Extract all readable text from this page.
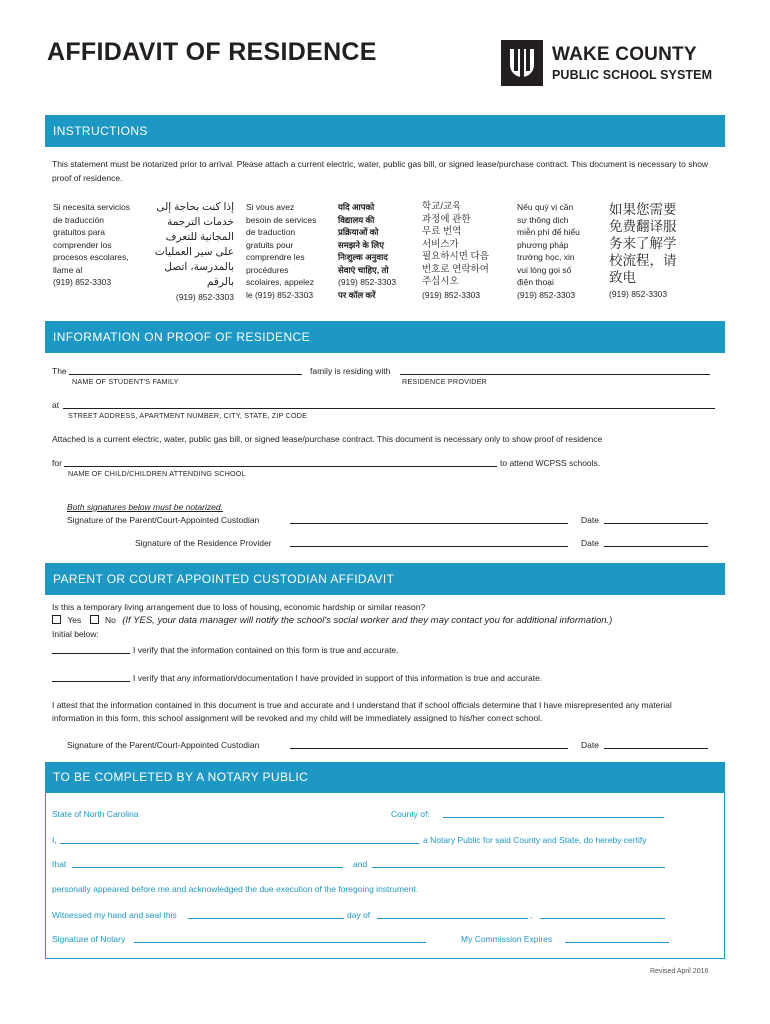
AFFIDAVIT OF RESIDENCE	WAKE COUNTY
PUBLIC SCHOOL SYSTEM
INSTRUCTIONS
This statement must be notarized prior to arrival. Please attach a current electric, water, public gas bill, or signed lease/purchase contract. This document is necessary to show proof of residence.
Si necesita servicios
de traducción
gratuitos para
comprender los
procesos escolares,
llame al
(919) 852-3303
إذا كنت بحاجة إلى
خدمات الترجمة
المجانية للتعرف
على سير العمليات
بالمدرسة، اتصل
بالرقم
(919) 852-3303
Si vous avez
besoin de services
de traduction
gratuits pour
comprendre les
procédures
scolaires, appelez
le (919) 852-3303
यदि आपको
विद्यालय की
प्रक्रियाओं को
समझने के लिए
निःशुल्क अनुवाद
सेवाएं चाहिए, तो
(919) 852-3303
पर कॉल करें
학교/교육
과정에 관한
무료 번역
서비스가
필요하시면 다음
번호로 연락하여
주십시오
(919) 852-3303
Nếu quý vị cần
sự thông dịch
miễn phí để hiểu
phương pháp
trường học, xin
vui lòng gọi số
điện thoại
(919) 852-3303
如果您需要
免费翻译服
务来了解学
校流程，请
致电
(919) 852-3303
INFORMATION ON PROOF OF RESIDENCE
The	family is residing with
NAME OF STUDENT'S FAMILY	RESIDENCE PROVIDER
at
STREET ADDRESS, APARTMENT NUMBER, CITY, STATE, ZIP CODE
Attached is a current electric, water, public gas bill, or signed lease/purchase contract. This document is necessary only to show proof of residence
for	to attend WCPSS schools.
NAME OF CHILD/CHILDREN ATTENDING SCHOOL
Both signatures below must be notarized.
Signature of the Parent/Court-Appointed Custodian	Date
Signature of the Residence Provider	Date
PARENT OR COURT APPOINTED CUSTODIAN AFFIDAVIT
Is this a temporary living arrangement due to loss of housing, economic hardship or similar reason?
Yes	No (If YES, your data manager will notify the school's social worker and they may contact you for additional information.)
Initial below:
I verify that the information contained on this form is true and accurate.
I verify that any information/documentation I have provided in support of this information is true and accurate.
I attest that the information contained in this document is true and accurate and I understand that if school officials determine that I have misrepresented any material information in this form, this school assignment will be revoked and my child will be immediately assigned to his/her correct school.
Signature of the Parent/Court-Appointed Custodian	Date
TO BE COMPLETED BY A NOTARY PUBLIC
State of North Carolina	County of:
I,	a Notary Public for said County and State, do hereby certify
that	and
personally appeared before me and acknowledged the due execution of the foregoing instrument.
Witnessed my hand and seal this	day of	,
Signature of Notary	My Commission Expires
Revised April 2016
